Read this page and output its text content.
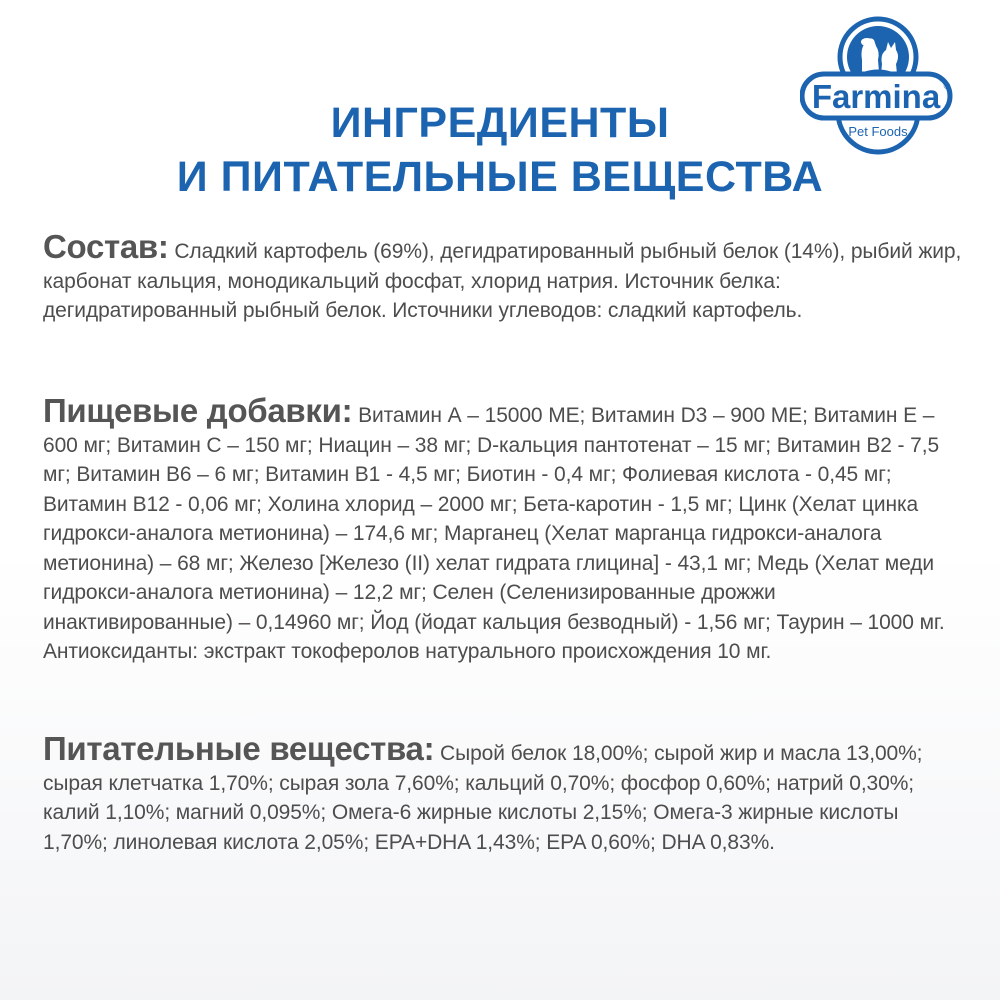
Farmina ®
Pet Foods
ИНГРЕДИЕНТЫ
И ПИТАТЕЛЬНЫЕ ВЕЩЕСТВА

Состав: Сладкий картофель (69%), дегидратированный рыбный белок (14%), рыбий жир, карбонат кальция, монодикальций фосфат, хлорид натрия. Источник белка: дегидратированный рыбный белок. Источники углеводов: сладкий картофель.

Пищевые добавки: Витамин А – 15000 МЕ; Витамин D3 – 900 МЕ; Витамин Е – 600 мг; Витамин С – 150 мг; Ниацин – 38 мг; D-кальция пантотенат – 15 мг; Витамин В2 - 7,5 мг; Витамин В6 – 6 мг; Витамин В1 - 4,5 мг; Биотин - 0,4 мг; Фолиевая кислота - 0,45 мг; Витамин В12 - 0,06 мг; Холина хлорид – 2000 мг; Бета-каротин - 1,5 мг; Цинк (Хелат цинка гидрокси-аналога метионина) – 174,6 мг; Марганец (Хелат марганца гидрокси-аналога метионина) – 68 мг; Железо [Железо (II) хелат гидрата глицина] - 43,1 мг; Медь (Хелат меди гидрокси-аналога метионина) – 12,2 мг; Селен (Селенизированные дрожжи инактивированные) – 0,14960 мг; Йод (йодат кальция безводный) - 1,56 мг; Таурин – 1000 мг. Антиоксиданты: экстракт токоферолов натурального происхождения 10 мг.

Питательные вещества: Сырой белок 18,00%; сырой жир и масла 13,00%; сырая клетчатка 1,70%; сырая зола 7,60%; кальций 0,70%; фосфор 0,60%; натрий 0,30%; калий 1,10%; магний 0,095%; Омега-6 жирные кислоты 2,15%; Омега-3 жирные кислоты 1,70%; линолевая кислота 2,05%; EPA+DHA 1,43%; EPA 0,60%; DHA 0,83%.
